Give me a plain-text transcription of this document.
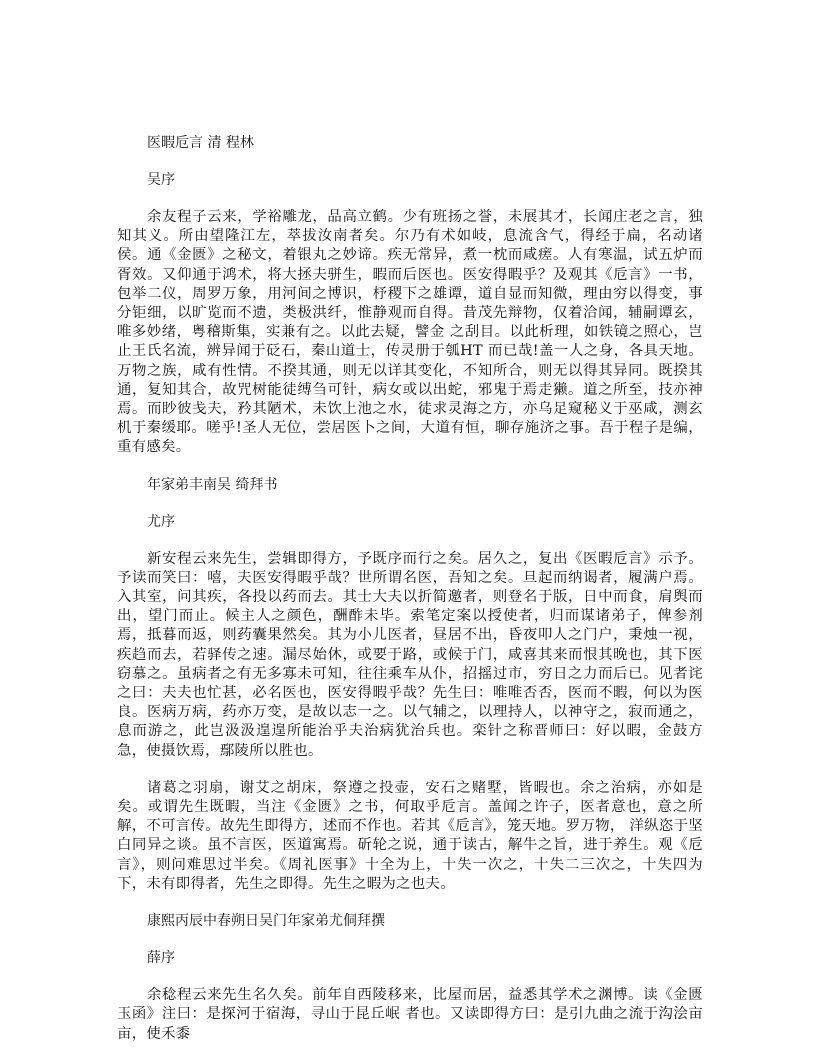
医暇卮言 清 程林

吴序

余友程子云来，学裕雕龙，品高立鹤。少有班扬之誉，未展其才，长闻庄老之言，独知其义。所由望隆江左，萃拔汝南者矣。尔乃有术如岐，息流含气，得经于扁，名动诸侯。通《金匮》之秘文，着银丸之妙谛。疾无常异，煮一枕而咸瘥。人有寒温，试五炉而胥效。又仰通于鸿术，将大拯夫骈生，暇而后医也。医安得暇乎？及观其《卮言》一书，包举二仪，周罗万象，用河间之博识，杼稷下之雄谭，道自显而知微，理由穷以得变，事分钜细，以旷览而不遗，类极洪纤，惟静观而自得。昔茂先辩物，仅着洽闻，辅嗣谭玄，唯多妙绪，粤稽斯集，实兼有之。以此去疑，譬金 之刮目。以此析理，如铁镜之照心，岂止王氏名流，辨异闻于砭石，秦山道士，传灵册于瓠HT 而已哉!盖一人之身，各具天地。万物之族，咸有性情。不揆其通，则无以详其变化，不知所合，则无以得其异同。既揆其通，复知其合，故咒树能徒缚刍可针，病女或以出蛇，邪鬼于焉走獭。道之所至，技亦神焉。而眇彼戋夫，矜其陋术，未饮上池之水，徒求灵海之方，亦乌足窥秘义于巫咸，测玄机于秦缓耶。嗟乎!圣人无位，尝居医卜之间，大道有恒，聊存施济之事。吾于程子是编，重有感矣。

年家弟丰南吴 绮拜书

尤序

新安程云来先生，尝辑即得方，予既序而行之矣。居久之，复出《医暇卮言》示予。予读而笑曰：嘻，夫医安得暇乎哉？世所谓名医，吾知之矣。旦起而纳谒者，履满户焉。入其室，问其疾，各投以药而去。其士大夫以折简邀者，则登名于版，日中而食，肩舆而出，望门而止。候主人之颜色，酬酢未毕。索笔定案以授使者，归而谋诸弟子，俾参剂焉，抵暮而返，则药囊果然矣。其为小儿医者，昼居不出，昏夜叩人之门户，秉烛一视，疾趋而去，若驿传之速。漏尽始休，或要于路，或候于门，咸喜其来而恨其晚也，其下医窃慕之。虽病者之有无多寡未可知，往往乘车从仆，招摇过市，穷日之力而后已。见者诧之曰：夫夫也忙甚，必名医也，医安得暇乎哉？先生曰：唯唯否否，医而不暇，何以为医良。医病万病，药亦万变，是故以志一之。以气辅之，以理持人，以神守之，寂而通之，息而游之，此岂汲汲遑遑所能治乎夫治病犹治兵也。栾针之称晋师曰：好以暇，金鼓方急，使摄饮焉，鄢陵所以胜也。

诸葛之羽扇，谢艾之胡床，祭遵之投壶，安石之赌墅，皆暇也。余之治病，亦如是矣。或谓先生既暇，当注《金匮》之书，何取乎卮言。盖闻之许子，医者意也，意之所解，不可言传。故先生即得方，述而不作也。若其《卮言》，笼天地。罗万物， 洋纵恣于坚白同异之谈。虽不言医，医道寓焉。斫轮之说，通于读古，解牛之旨，进于养生。观《卮言》，则问难思过半矣。《周礼医事》十全为上，十失一次之，十失二三次之，十失四为下，未有即得者，先生之即得。先生之暇为之也夫。

康熙丙辰中春朔日吴门年家弟尤侗拜撰

薛序

余稔程云来先生名久矣。前年自西陵移来，比屋而居，益悉其学术之渊博。读《金匮玉函》注曰：是探河于宿海，寻山于昆丘岷 者也。又读即得方曰：是引九曲之流于沟浍亩亩，使禾黍
